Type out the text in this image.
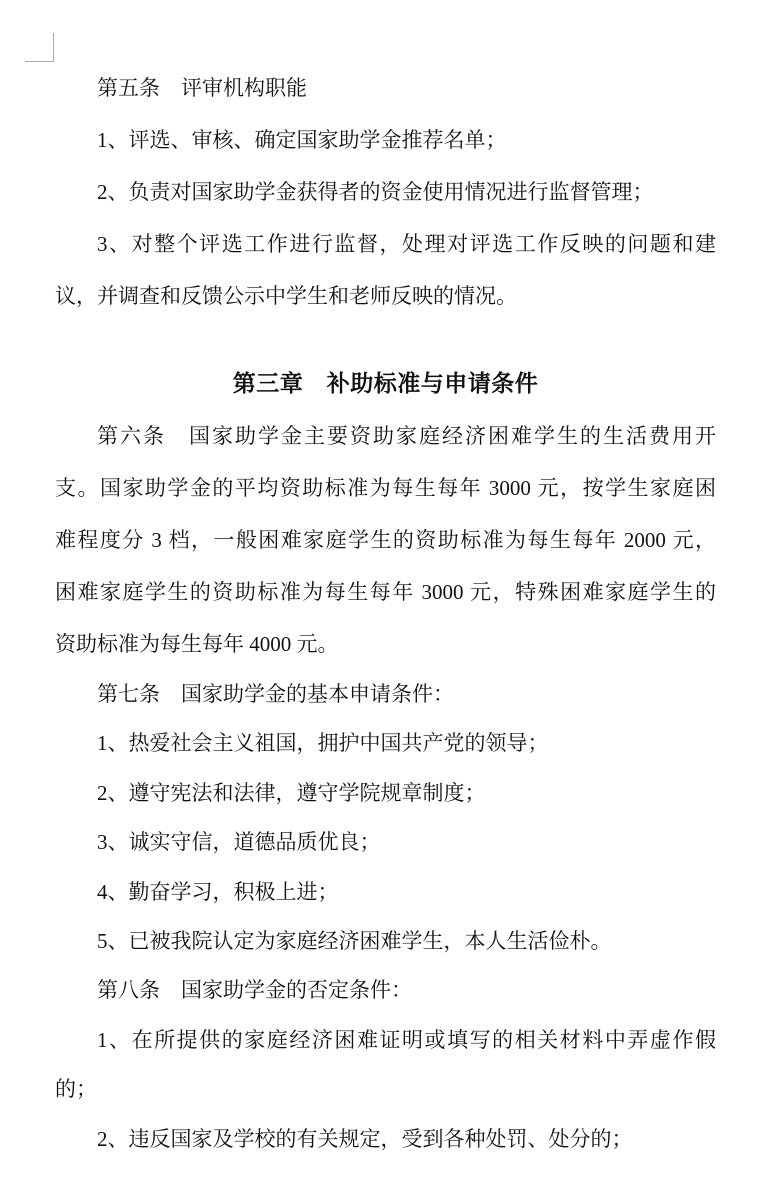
第五条　评审机构职能
1、评选、审核、确定国家助学金推荐名单；
2、负责对国家助学金获得者的资金使用情况进行监督管理；
3、对整个评选工作进行监督，处理对评选工作反映的问题和建
议，并调查和反馈公示中学生和老师反映的情况。
第三章　补助标准与申请条件
第六条　国家助学金主要资助家庭经济困难学生的生活费用开
支。国家助学金的平均资助标准为每生每年 3000 元，按学生家庭困
难程度分 3 档，一般困难家庭学生的资助标准为每生每年 2000 元，
困难家庭学生的资助标准为每生每年 3000 元，特殊困难家庭学生的
资助标准为每生每年 4000 元。
第七条　国家助学金的基本申请条件：
1、热爱社会主义祖国，拥护中国共产党的领导；
2、遵守宪法和法律，遵守学院规章制度；
3、诚实守信，道德品质优良；
4、勤奋学习，积极上进；
5、已被我院认定为家庭经济困难学生，本人生活俭朴。
第八条　国家助学金的否定条件：
1、在所提供的家庭经济困难证明或填写的相关材料中弄虚作假
的；
2、违反国家及学校的有关规定，受到各种处罚、处分的；
